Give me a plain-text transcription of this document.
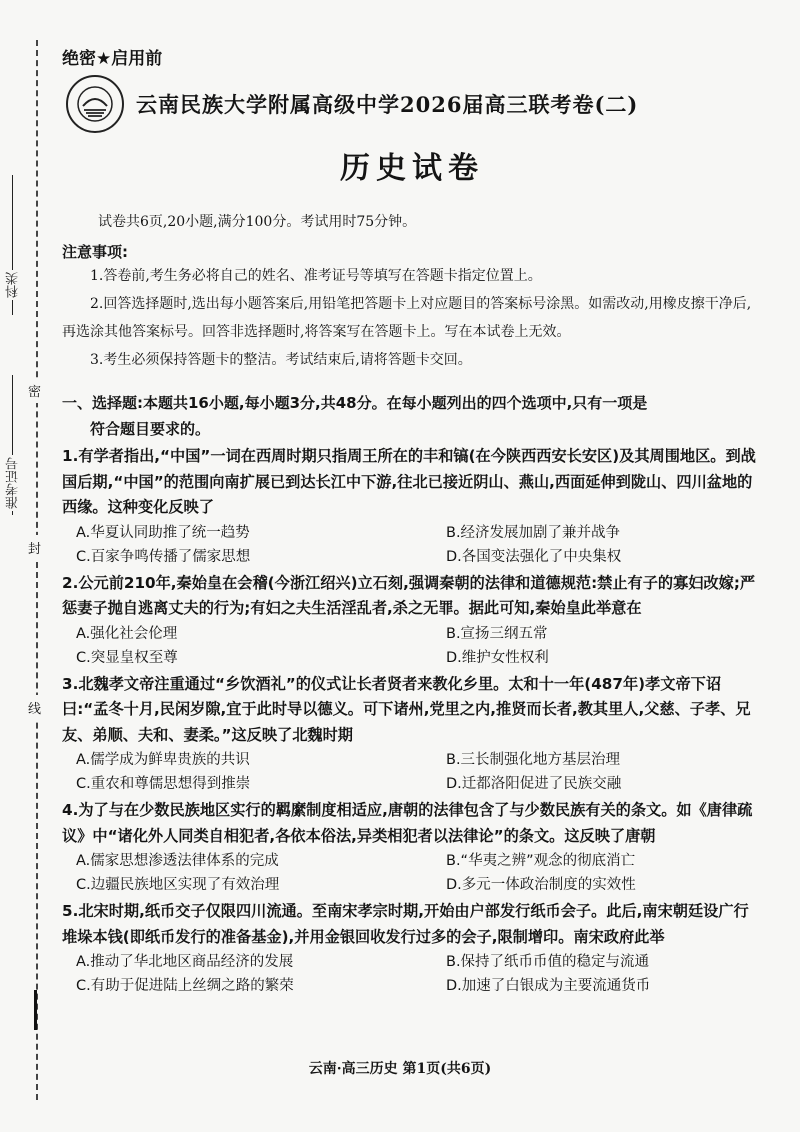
科类
准考证号
密
封
线
绝密★启用前
云南民族大学附属高级中学2026届高三联考卷(二)
历史试卷
试卷共6页,20小题,满分100分。考试用时75分钟。
注意事项:

1.答卷前,考生务必将自己的姓名、准考证号等填写在答题卡指定位置上。

2.回答选择题时,选出每小题答案后,用铅笔把答题卡上对应题目的答案标号涂黑。如需改动,用橡皮擦干净后,再选涂其他答案标号。回答非选择题时,将答案写在答题卡上。写在本试卷上无效。

3.考生必须保持答题卡的整洁。考试结束后,请将答题卡交回。

一、选择题:本题共16小题,每小题3分,共48分。在每小题列出的四个选项中,只有一项是
符合题目要求的。
1.有学者指出,“中国”一词在西周时期只指周王所在的丰和镐(在今陕西西安长安区)及其周围地区。到战国后期,“中国”的范围向南扩展已到达长江中下游,往北已接近阴山、燕山,西面延伸到陇山、四川盆地的西缘。这种变化反映了
A.华夏认同助推了统一趋势	B.经济发展加剧了兼并战争
C.百家争鸣传播了儒家思想	D.各国变法强化了中央集权
2.公元前210年,秦始皇在会稽(今浙江绍兴)立石刻,强调秦朝的法律和道德规范:禁止有子的寡妇改嫁;严惩妻子抛自逃离丈夫的行为;有妇之夫生活淫乱者,杀之无罪。据此可知,秦始皇此举意在
A.强化社会伦理	B.宣扬三纲五常
C.突显皇权至尊	D.维护女性权利
3.北魏孝文帝注重通过“乡饮酒礼”的仪式让长者贤者来教化乡里。太和十一年(487年)孝文帝下诏曰:“孟冬十月,民闲岁隙,宜于此时导以德义。可下诸州,党里之内,推贤而长者,教其里人,父慈、子孝、兄友、弟顺、夫和、妻柔。”这反映了北魏时期
A.儒学成为鲜卑贵族的共识	B.三长制强化地方基层治理
C.重农和尊儒思想得到推崇	D.迁都洛阳促进了民族交融
4.为了与在少数民族地区实行的羁縻制度相适应,唐朝的法律包含了与少数民族有关的条文。如《唐律疏议》中“诸化外人同类自相犯者,各依本俗法,异类相犯者以法律论”的条文。这反映了唐朝
A.儒家思想渗透法律体系的完成	B.“华夷之辨”观念的彻底消亡
C.边疆民族地区实现了有效治理	D.多元一体政治制度的实效性
5.北宋时期,纸币交子仅限四川流通。至南宋孝宗时期,开始由户部发行纸币会子。此后,南宋朝廷设广行堆垛本钱(即纸币发行的准备基金),并用金银回收发行过多的会子,限制增印。南宋政府此举
A.推动了华北地区商品经济的发展	B.保持了纸币币值的稳定与流通
C.有助于促进陆上丝绸之路的繁荣	D.加速了白银成为主要流通货币
云南·高三历史 第1页(共6页)
